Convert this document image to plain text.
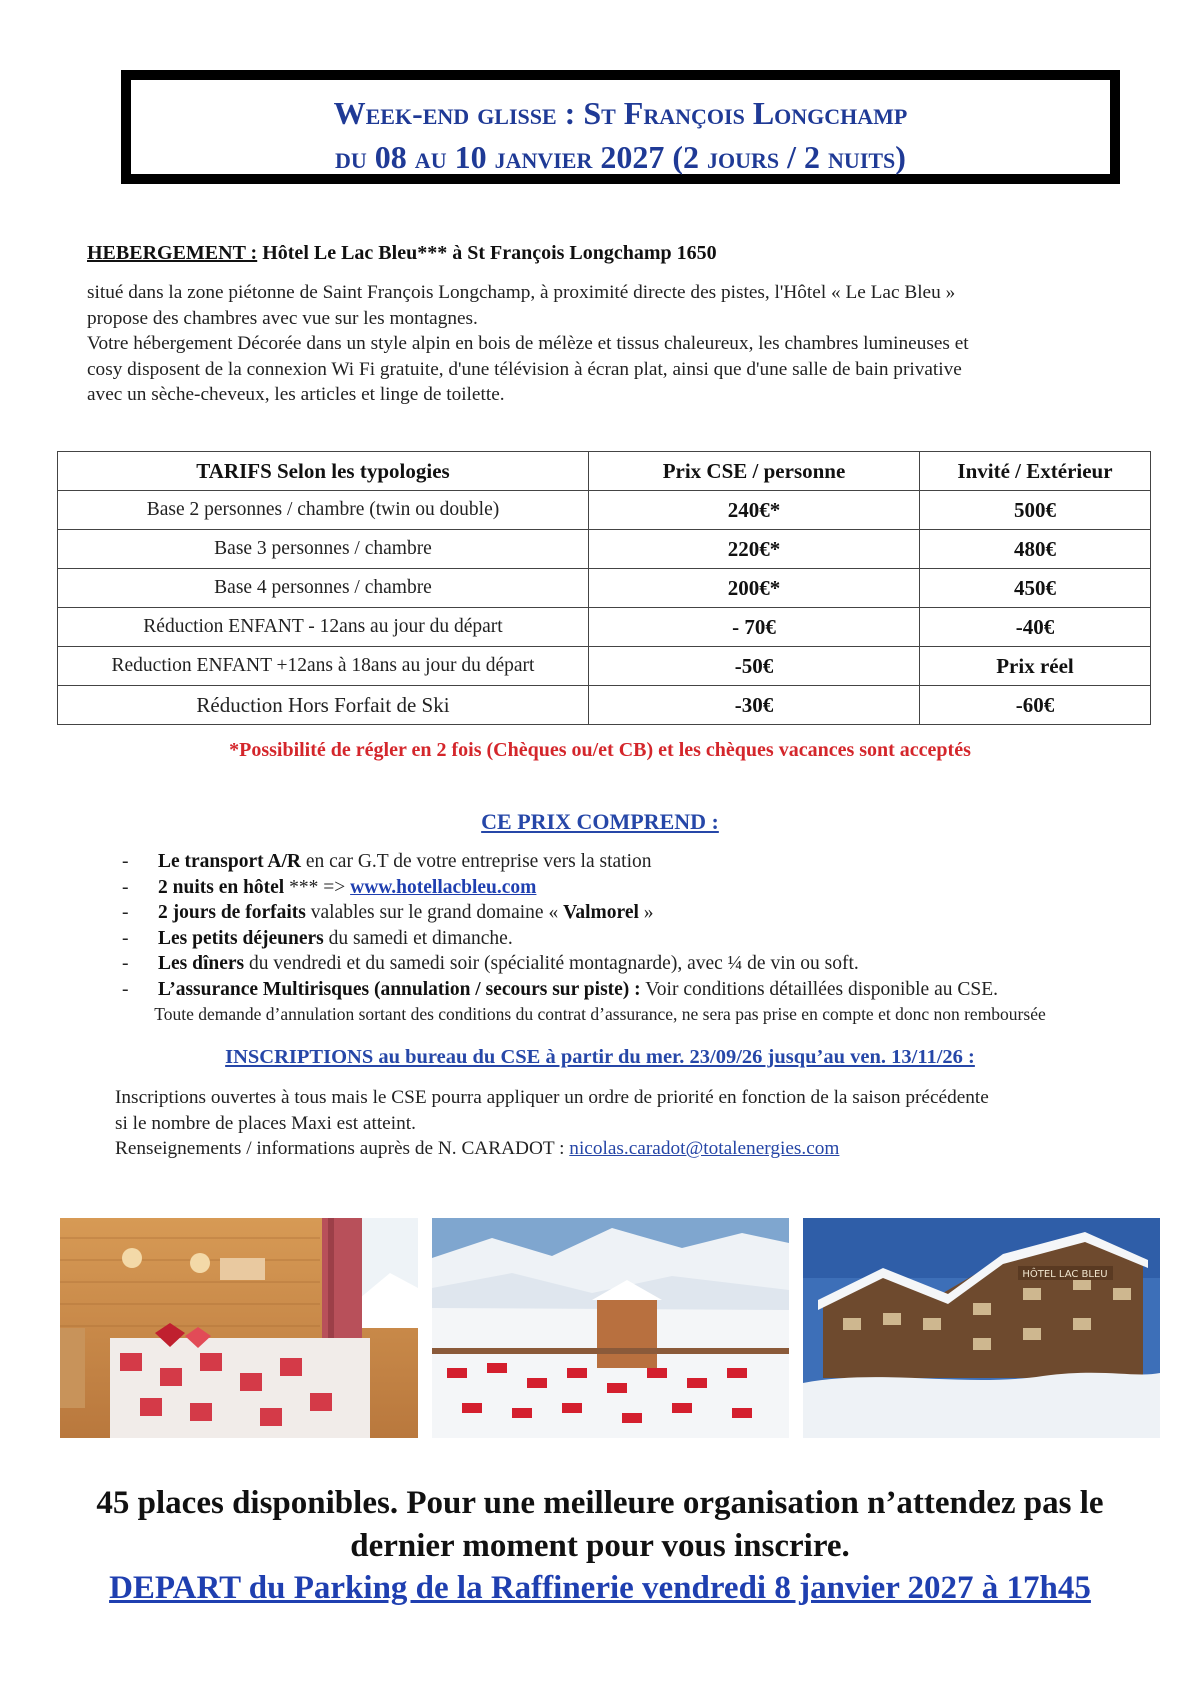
Week-end glisse : St François Longchamp
du 08 au 10 janvier 2027 (2 jours / 2 nuits)
HEBERGEMENT : Hôtel Le Lac Bleu*** à St François Longchamp 1650

situé dans la zone piétonne de Saint François Longchamp, à proximité directe des pistes, l'Hôtel « Le Lac Bleu »

propose des chambres avec vue sur les montagnes.

Votre hébergement Décorée dans un style alpin en bois de mélèze et tissus chaleureux, les chambres lumineuses et

cosy disposent de la connexion Wi Fi gratuite, d'une télévision à écran plat, ainsi que d'une salle de bain privative

avec un sèche-cheveux, les articles et linge de toilette.

TARIFS Selon les typologies	Prix CSE / personne	Invité / Extérieur
Base 2 personnes / chambre (twin ou double)	240€*	500€
Base 3 personnes / chambre	220€*	480€
Base 4 personnes / chambre	200€*	450€
Réduction ENFANT - 12ans au jour du départ	- 70€	-40€
Reduction ENFANT +12ans à 18ans au jour du départ	-50€	Prix réel
Réduction Hors Forfait de Ski	-30€	-60€
*Possibilité de régler en 2 fois (Chèques ou/et CB) et les chèques vacances sont acceptés
CE PRIX COMPREND :
- Le transport A/R en car G.T de votre entreprise vers la station
- 2 nuits en hôtel *** => www.hotellacbleu.com
- 2 jours de forfaits valables sur le grand domaine « Valmorel »
- Les petits déjeuners du samedi et dimanche.
- Les dîners du vendredi et du samedi soir (spécialité montagnarde), avec ¼ de vin ou soft.
- L’assurance Multirisques (annulation / secours sur piste) : Voir conditions détaillées disponible au CSE.
Toute demande d’annulation sortant des conditions du contrat d’assurance, ne sera pas prise en compte et donc non remboursée
INSCRIPTIONS au bureau du CSE à partir du mer. 23/09/26 jusqu’au ven. 13/11/26 :

Inscriptions ouvertes à tous mais le CSE pourra appliquer un ordre de priorité en fonction de la saison précédente

si le nombre de places Maxi est atteint.

Renseignements / informations auprès de N. CARADOT : nicolas.caradot@totalenergies.com

HÔTEL LAC BLEU
45 places disponibles. Pour une meilleure organisation n’attendez pas le
dernier moment pour vous inscrire.
DEPART du Parking de la Raffinerie vendredi 8 janvier 2027 à 17h45
